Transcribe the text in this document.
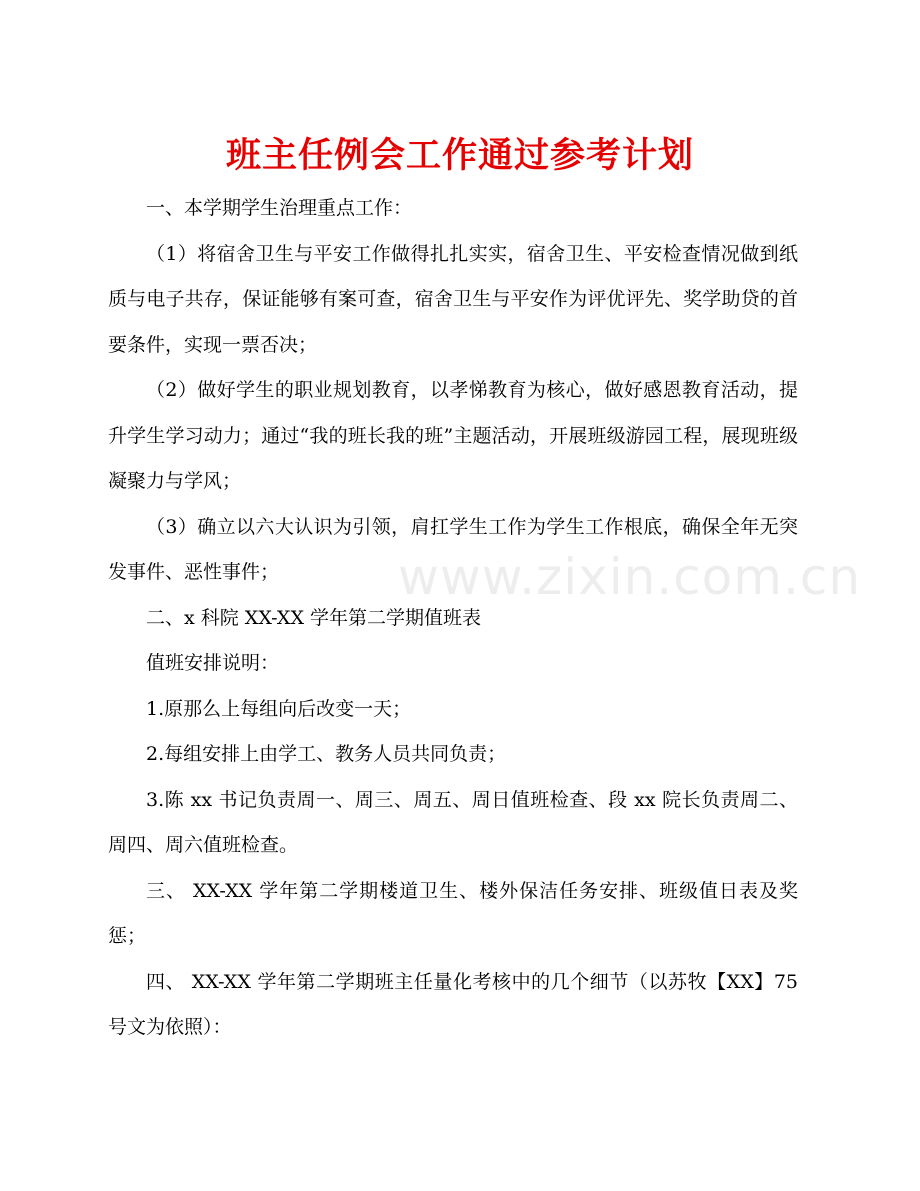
班主任例会工作通过参考计划

一、本学期学生治理重点工作：

（1）将宿舍卫生与平安工作做得扎扎实实，宿舍卫生、平安检查情况做到纸质与电子共存，保证能够有案可查，宿舍卫生与平安作为评优评先、奖学助贷的首要条件，实现一票否决；

（2）做好学生的职业规划教育，以孝悌教育为核心，做好感恩教育活动，提升学生学习动力；通过“我的班长我的班”主题活动，开展班级游园工程，展现班级凝聚力与学风；

（3）确立以六大认识为引领，肩扛学生工作为学生工作根底，确保全年无突发事件、恶性事件；

二、x 科院 XX-XX 学年第二学期值班表

值班安排说明：

1.原那么上每组向后改变一天；

2.每组安排上由学工、教务人员共同负责；

3.陈 xx 书记负责周一、周三、周五、周日值班检查、段 xx 院长负责周二、周四、周六值班检查。

三、 XX-XX 学年第二学期楼道卫生、楼外保洁任务安排、班级值日表及奖惩；

四、 XX-XX 学年第二学期班主任量化考核中的几个细节（以苏牧【XX】75 号文为依照）：

www.zixin.com.cn
